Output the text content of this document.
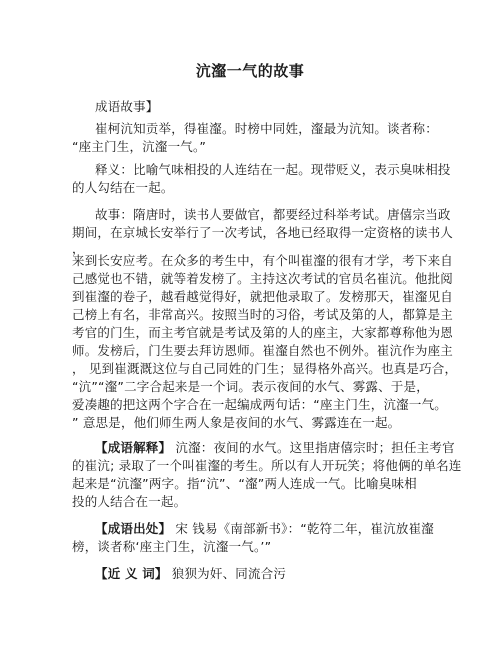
沆瀣一气的故事
成语故事】
崔柯沆知贡举，得崔瀣。时榜中同姓，瀣最为沆知。谈者称：
“座主门生，沆瀣一气。”
释义：比喻气味相投的人连结在一起。现带贬义，表示臭味相投
的人勾结在一起。
故事：隋唐时，读书人要做官，都要经过科举考试。唐僖宗当政
期间，在京城长安举行了一次考试，各地已经取得一定资格的读书人
，
来到长安应考。在众多的考生中，有个叫崔瀣的很有才学，考下来自
己感觉也不错，就等着发榜了。主持这次考试的官员名崔沆。他批阅
到崔瀣的卷子，越看越觉得好，就把他录取了。发榜那天，崔瀣见自
己榜上有名，非常高兴。按照当时的习俗，考试及第的人，都算是主
考官的门生，而主考官就是考试及第的人的座主，大家都尊称他为恩
师。发榜后，门生要去拜访恩师。崔瀣自然也不例外。崔沆作为座主
， 见到崔溉溉这位与自己同姓的门生；显得格外高兴。也真是巧合，
“沆”“瀣”二字合起来是一个词。表示夜间的水气、雾露、于是，
爱凑趣的把这两个字合在一起编成两句话：“座主门生，沆瀣一气。
” 意思是，他们师生两人象是夜间的水气、雾露连在一起。
【成语解释】 沆瀣：夜间的水气。这里指唐僖宗时；担任主考官
的崔沆; 录取了一个叫崔瀣的考生。所以有人开玩笑；将他俩的单名连
起来是“沆瀣”两字。指“沆”、“瀣”两人连成一气。比喻臭味相
投的人结合在一起。
【成语出处】 宋 钱易《南部新书》：“乾符二年，崔沆放崔瀣
榜，谈者称‘座主门生，沆瀣一气。’”
【近 义 词】 狼狈为奸、同流合污
